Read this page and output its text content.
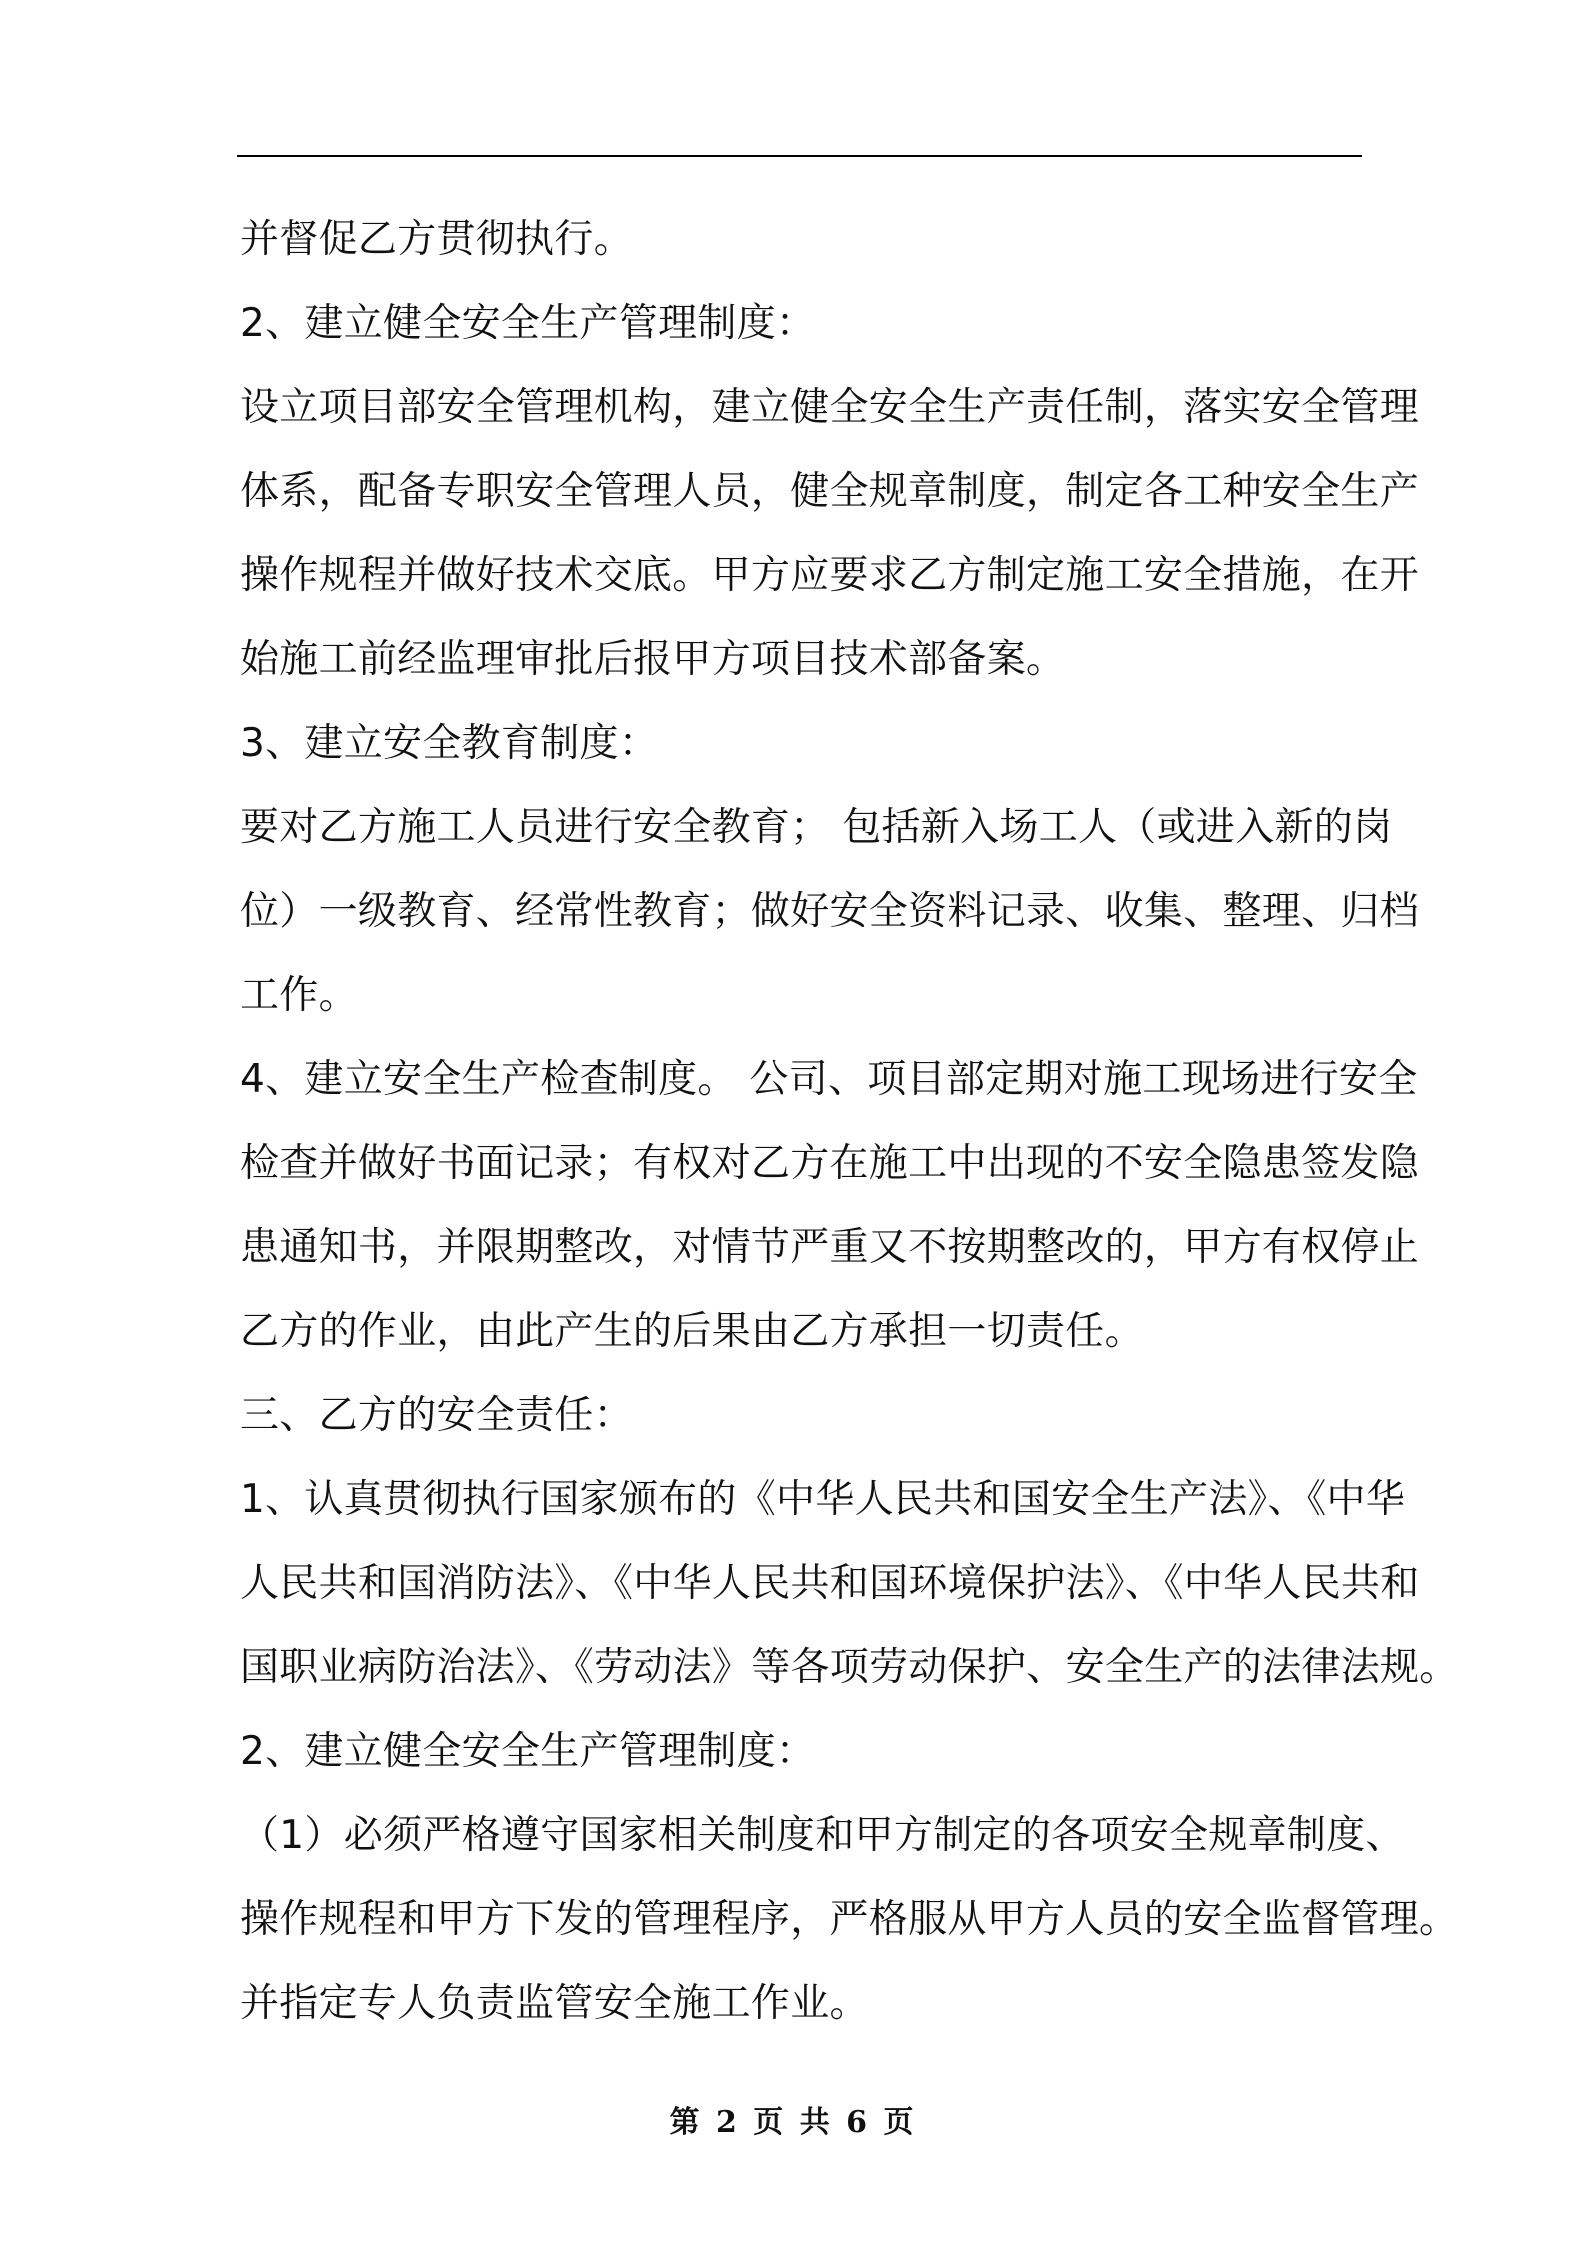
并督促乙方贯彻执行。
2、建立健全安全生产管理制度：
设立项目部安全管理机构，建立健全安全生产责任制，落实安全管理
体系，配备专职安全管理人员，健全规章制度，制定各工种安全生产
操作规程并做好技术交底。甲方应要求乙方制定施工安全措施，在开
始施工前经监理审批后报甲方项目技术部备案。
3、建立安全教育制度：
要对乙方施工人员进行安全教育； 包括新入场工人（或进入新的岗
位）一级教育、经常性教育；做好安全资料记录、收集、整理、归档
工作。
4、建立安全生产检查制度。 公司、项目部定期对施工现场进行安全
检查并做好书面记录；有权对乙方在施工中出现的不安全隐患签发隐
患通知书，并限期整改，对情节严重又不按期整改的，甲方有权停止
乙方的作业，由此产生的后果由乙方承担一切责任。
三、乙方的安全责任：
1、认真贯彻执行国家颁布的《中华人民共和国安全生产法》、《中华
人民共和国消防法》、《中华人民共和国环境保护法》、《中华人民共和
国职业病防治法》、《劳动法》等各项劳动保护、安全生产的法律法规。
2、建立健全安全生产管理制度：
（1）必须严格遵守国家相关制度和甲方制定的各项安全规章制度、
操作规程和甲方下发的管理程序，严格服从甲方人员的安全监督管理。
并指定专人负责监管安全施工作业。
第 2 页 共 6 页
